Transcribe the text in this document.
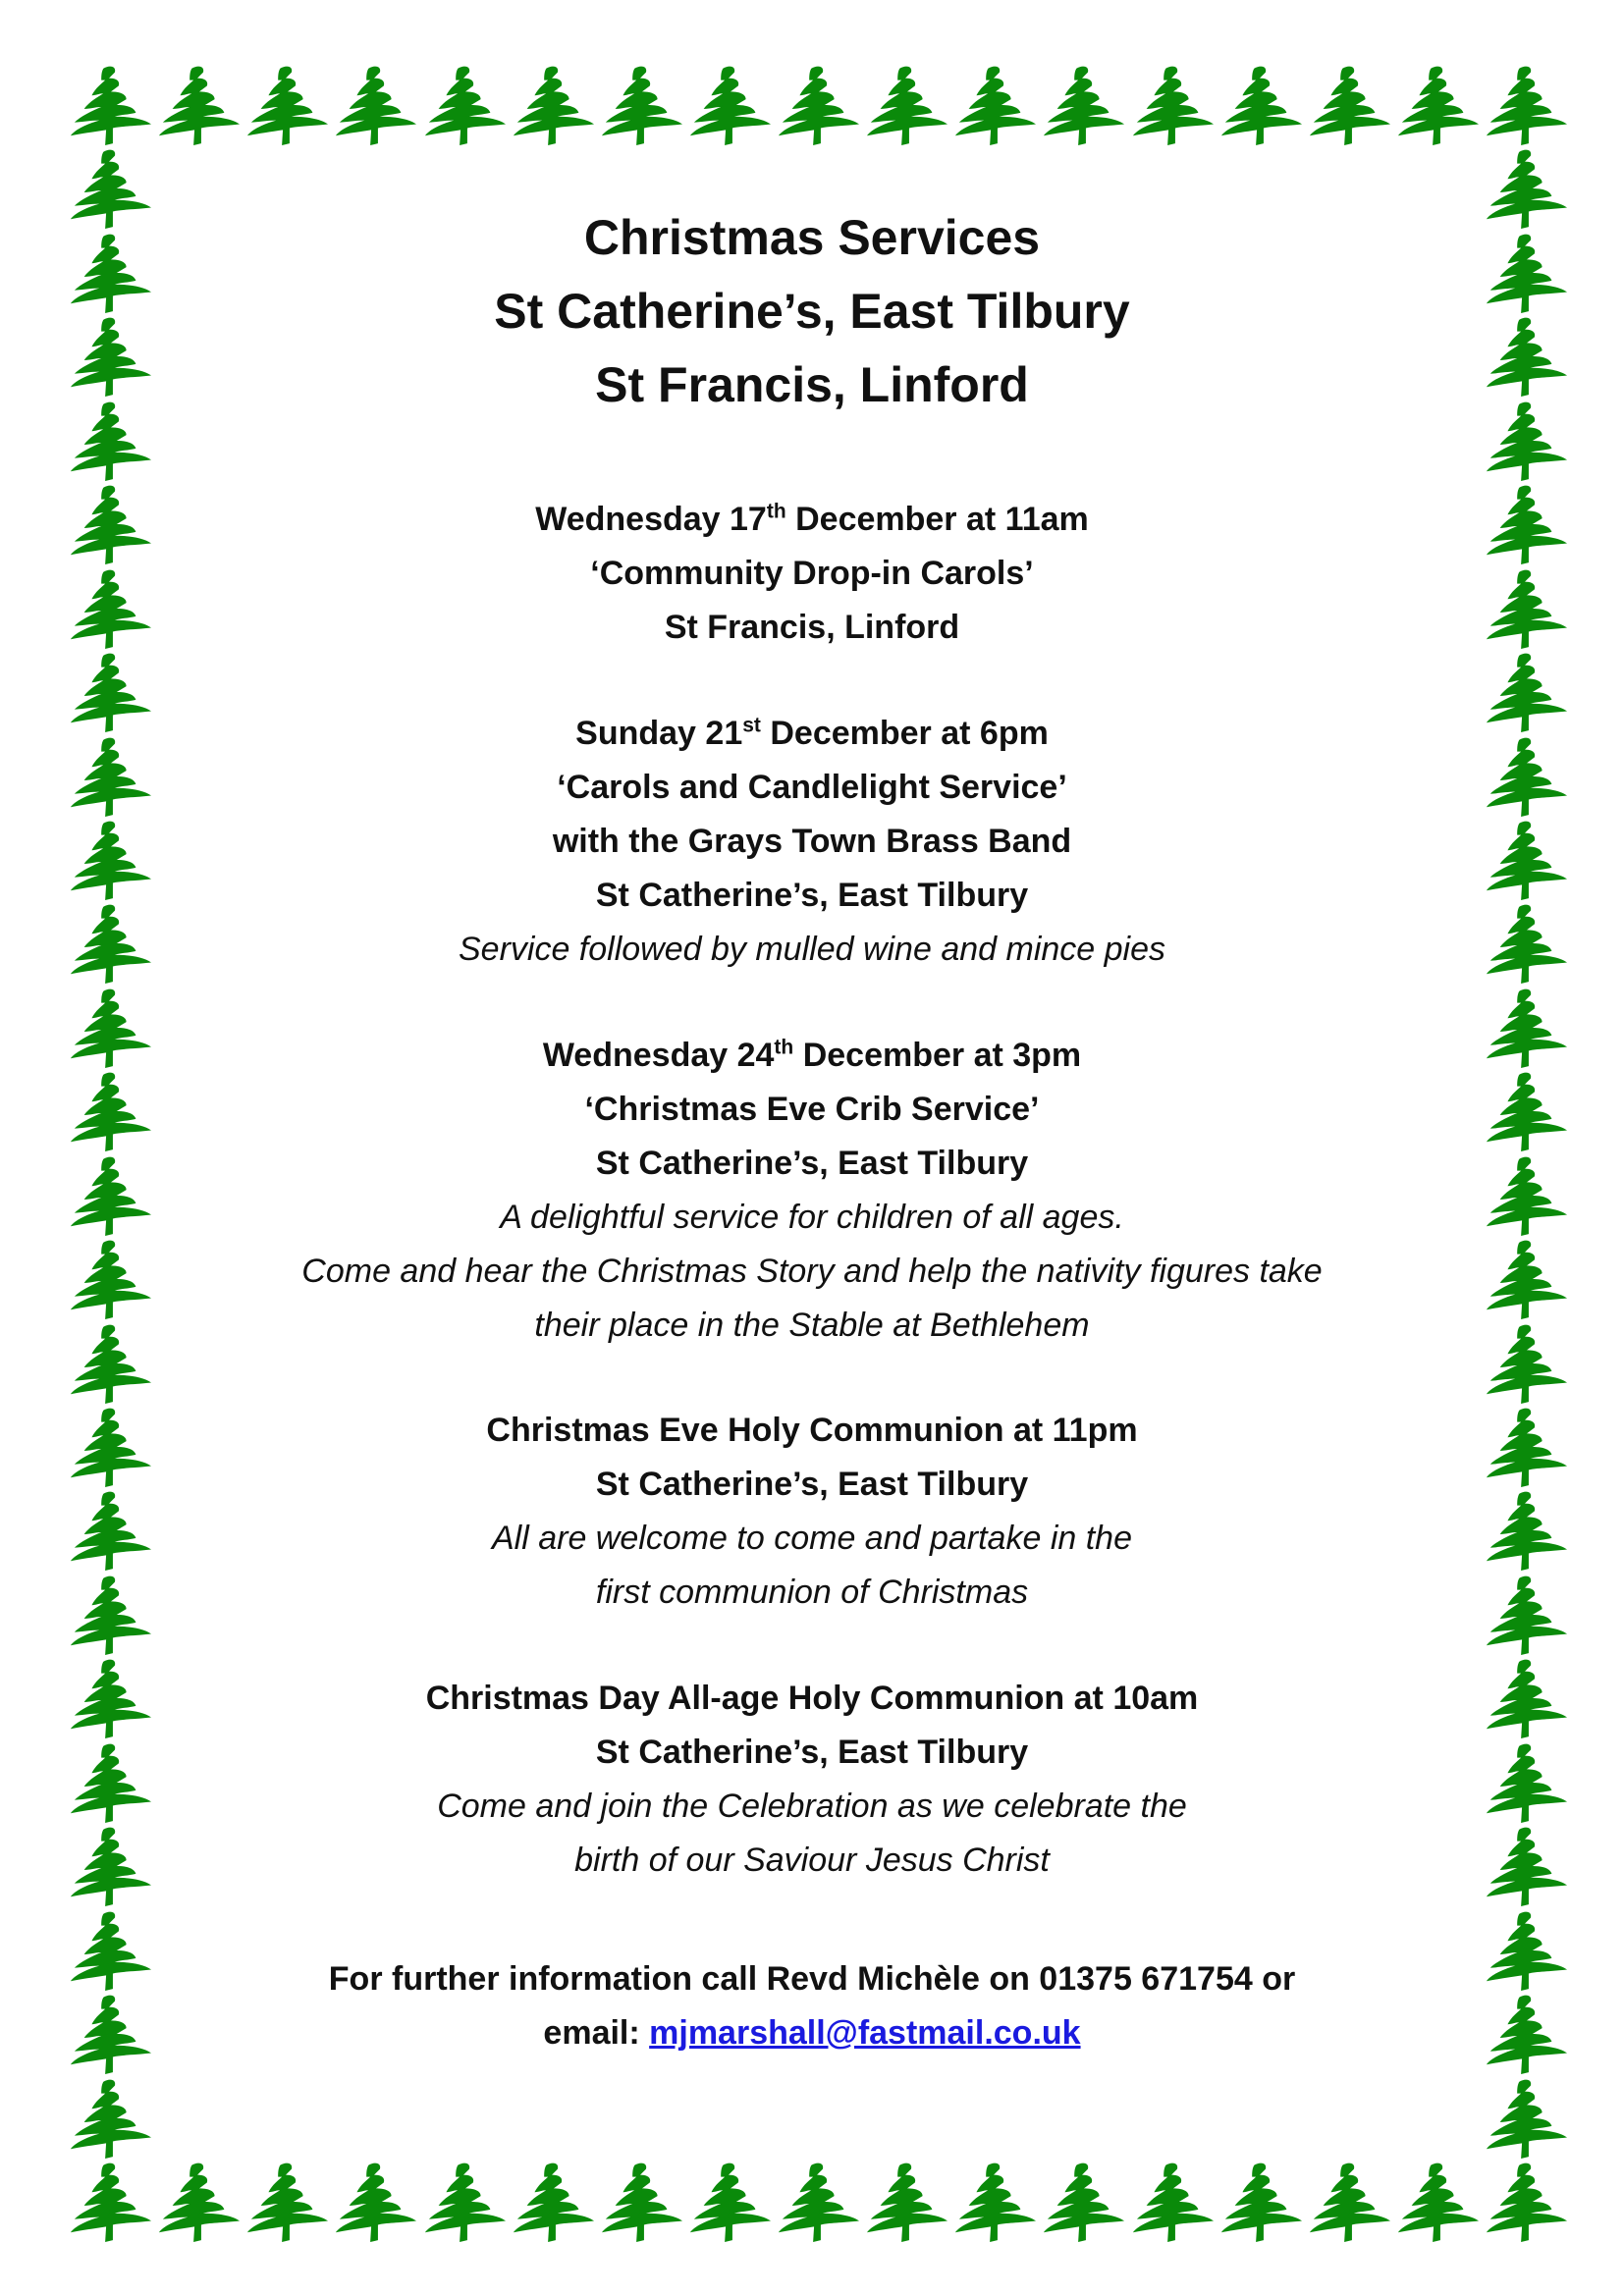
Christmas Services
St Catherine’s, East Tilbury
St Francis, Linford
Wednesday 17th December at 11am
‘Community Drop-in Carols’
St Francis, Linford
Sunday 21st December at 6pm
‘Carols and Candlelight Service’
with the Grays Town Brass Band
St Catherine’s, East Tilbury
Service followed by mulled wine and mince pies
Wednesday 24th December at 3pm
‘Christmas Eve Crib Service’
St Catherine’s, East Tilbury
A delightful service for children of all ages.
Come and hear the Christmas Story and help the nativity figures take
their place in the Stable at Bethlehem
Christmas Eve Holy Communion at 11pm
St Catherine’s, East Tilbury
All are welcome to come and partake in the
first communion of Christmas
Christmas Day All-age Holy Communion at 10am
St Catherine’s, East Tilbury
Come and join the Celebration as we celebrate the
birth of our Saviour Jesus Christ
For further information call Revd Michèle on 01375 671754 or
email: mjmarshall@fastmail.co.uk
